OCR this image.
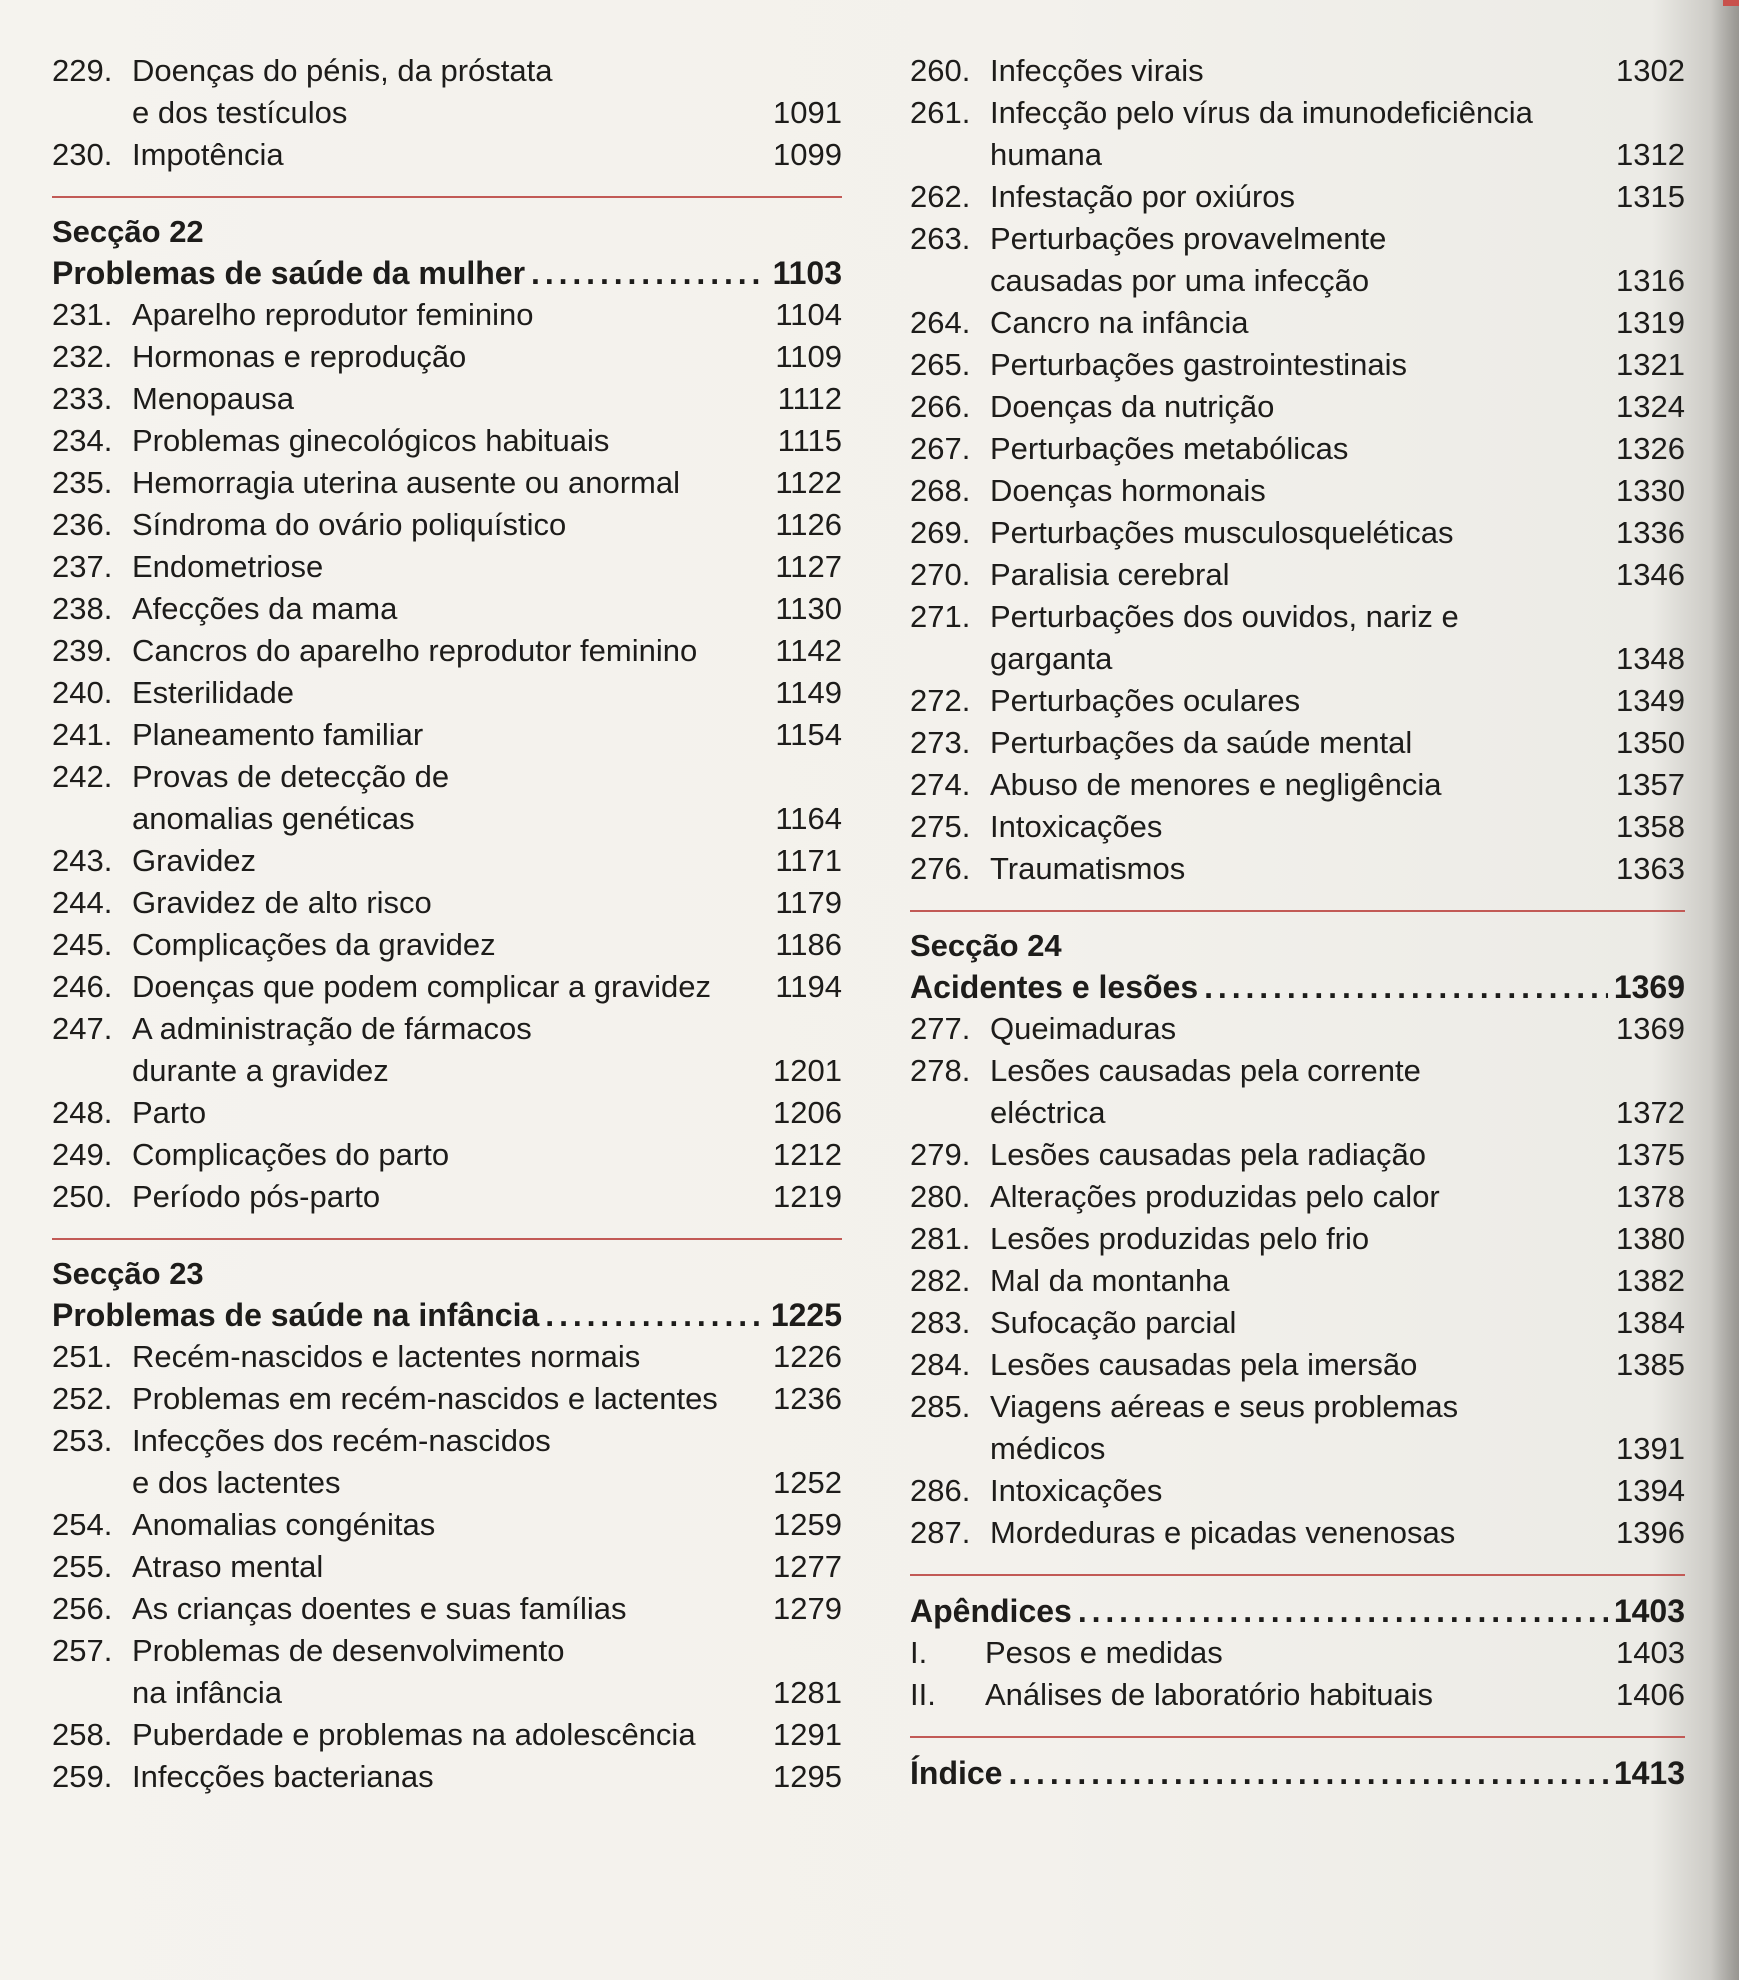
229. Doenças do pénis, da próstata
e dos testículos	1091
230. Impotência	1099
Secção 22
Problemas de saúde da mulher . . .	1103
231. Aparelho reprodutor feminino	1104
232. Hormonas e reprodução	1109
233. Menopausa	1112
234. Problemas ginecológicos habituais	1115
235. Hemorragia uterina ausente ou anormal	1122
236. Síndroma do ovário poliquístico	1126
237. Endometriose	1127
238. Afecções da mama	1130
239. Cancros do aparelho reprodutor feminino	1142
240. Esterilidade	1149
241. Planeamento familiar	1154
242. Provas de detecção de
anomalias genéticas	1164
243. Gravidez	1171
244. Gravidez de alto risco	1179
245. Complicações da gravidez	1186
246. Doenças que podem complicar a gravidez	1194
247. A administração de fármacos
durante a gravidez	1201
248. Parto	1206
249. Complicações do parto	1212
250. Período pós-parto	1219
Secção 23
Problemas de saúde na infância . . .	1225
251. Recém-nascidos e lactentes normais	1226
252. Problemas em recém-nascidos e lactentes	1236
253. Infecções dos recém-nascidos
e dos lactentes	1252
254. Anomalias congénitas	1259
255. Atraso mental	1277
256. As crianças doentes e suas famílias	1279
257. Problemas de desenvolvimento
na infância	1281
258. Puberdade e problemas na adolescência	1291
259. Infecções bacterianas	1295
260. Infecções virais	1302
261. Infecção pelo vírus da imunodeficiência
humana	1312
262. Infestação por oxiúros	1315
263. Perturbações provavelmente
causadas por uma infecção	1316
264. Cancro na infância	1319
265. Perturbações gastrointestinais	1321
266. Doenças da nutrição	1324
267. Perturbações metabólicas	1326
268. Doenças hormonais	1330
269. Perturbações musculosqueléticas	1336
270. Paralisia cerebral	1346
271. Perturbações dos ouvidos, nariz e
garganta	1348
272. Perturbações oculares	1349
273. Perturbações da saúde mental	1350
274. Abuso de menores e negligência	1357
275. Intoxicações	1358
276. Traumatismos	1363
Secção 24
Acidentes e lesões . . .	1369
277. Queimaduras	1369
278. Lesões causadas pela corrente
eléctrica	1372
279. Lesões causadas pela radiação	1375
280. Alterações produzidas pelo calor	1378
281. Lesões produzidas pelo frio	1380
282. Mal da montanha	1382
283. Sufocação parcial	1384
284. Lesões causadas pela imersão	1385
285. Viagens aéreas e seus problemas
médicos	1391
286. Intoxicações	1394
287. Mordeduras e picadas venenosas	1396
Apêndices . . .	1403
I.	Pesos e medidas	1403
II.	Análises de laboratório habituais	1406
Índice . . .	1413
